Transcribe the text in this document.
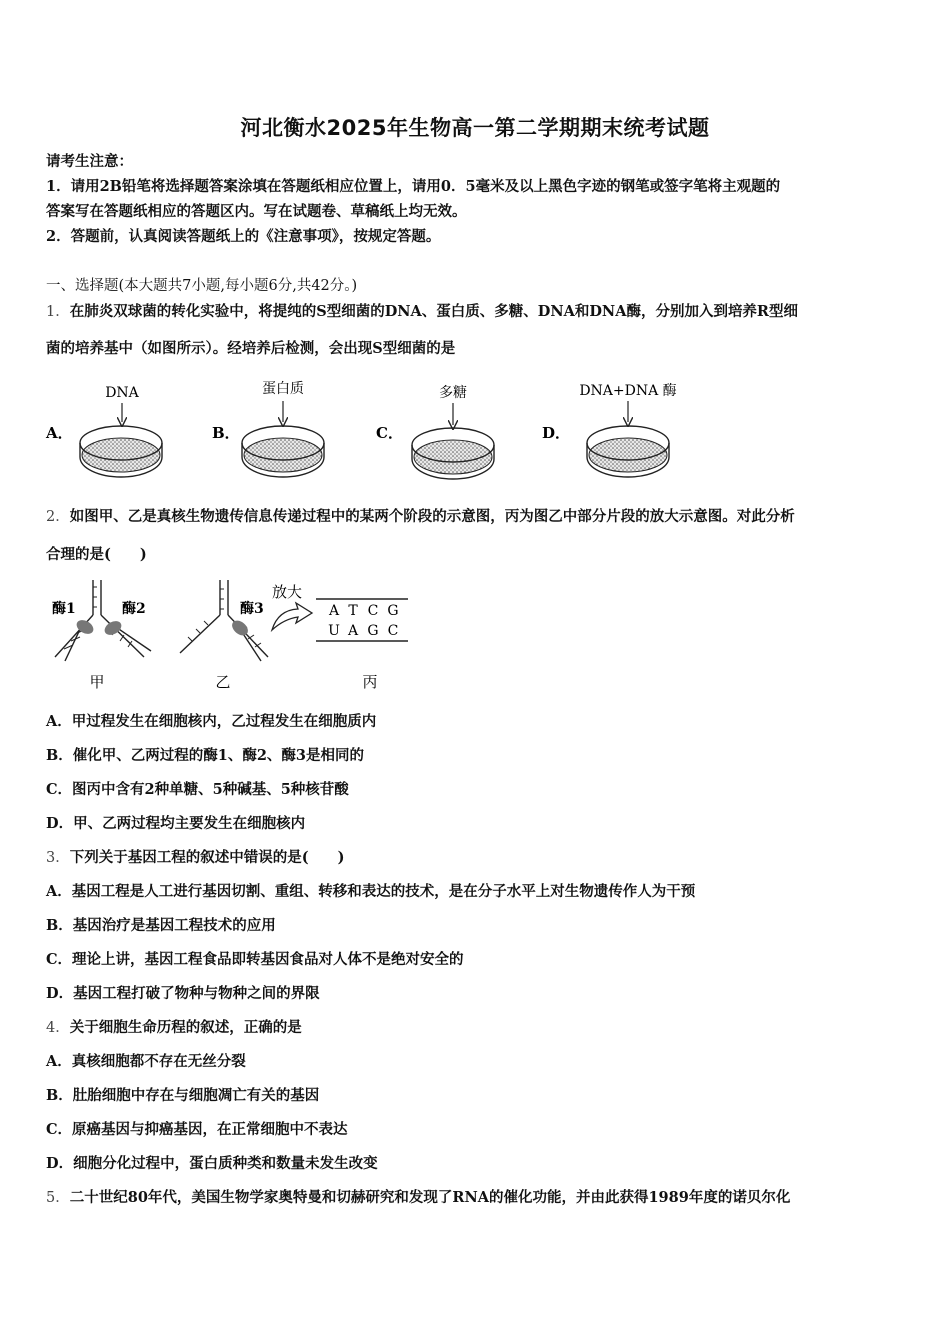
河北衡水2025年生物高一第二学期期末统考试题
请考生注意：
1．请用2B铅笔将选择题答案涂填在答题纸相应位置上，请用0．5毫米及以上黑色字迹的钢笔或签字笔将主观题的
答案写在答题纸相应的答题区内。写在试题卷、草稿纸上均无效。
2．答题前，认真阅读答题纸上的《注意事项》，按规定答题。
一、选择题(本大题共7小题,每小题6分,共42分。)
1．在肺炎双球菌的转化实验中，将提纯的S型细菌的DNA、蛋白质、多糖、DNA和DNA酶，分别加入到培养R型细
菌的培养基中（如图所示）。经培养后检测，会出现S型细菌的是
A．
DNA
B．
蛋白质
C．
多糖
D．
DNA+DNA 酶
2．如图甲、乙是真核生物遗传信息传递过程中的某两个阶段的示意图，丙为图乙中部分片段的放大示意图。对此分析
合理的是(　　)
酶1	酶2
甲
酶3
乙
放大
A T C G
U A G C
丙
A．甲过程发生在细胞核内，乙过程发生在细胞质内
B．催化甲、乙两过程的酶1、酶2、酶3是相同的
C．图丙中含有2种单糖、5种碱基、5种核苷酸
D．甲、乙两过程均主要发生在细胞核内
3．下列关于基因工程的叙述中错误的是(　　)
A．基因工程是人工进行基因切割、重组、转移和表达的技术，是在分子水平上对生物遗传作人为干预
B．基因治疗是基因工程技术的应用
C．理论上讲，基因工程食品即转基因食品对人体不是绝对安全的
D．基因工程打破了物种与物种之间的界限
4．关于细胞生命历程的叙述，正确的是
A．真核细胞都不存在无丝分裂
B．肚胎细胞中存在与细胞凋亡有关的基因
C．原癌基因与抑癌基因，在正常细胞中不表达
D．细胞分化过程中，蛋白质种类和数量未发生改变
5．二十世纪80年代，美国生物学家奥特曼和切赫研究和发现了RNA的催化功能，并由此获得1989年度的诺贝尔化
